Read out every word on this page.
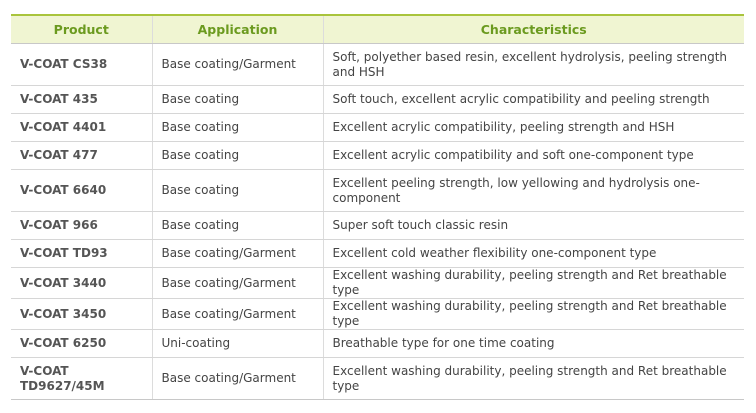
Product	Application	Characteristics
V-COAT CS38	Base coating/Garment	Soft, polyether based resin, excellent hydrolysis, peeling strength and HSH
V-COAT 435	Base coating	Soft touch, excellent acrylic compatibility and peeling strength
V-COAT 4401	Base coating	Excellent acrylic compatibility, peeling strength and HSH
V-COAT 477	Base coating	Excellent acrylic compatibility and soft one-component type
V-COAT 6640	Base coating	Excellent peeling strength, low yellowing and hydrolysis one-component
V-COAT 966	Base coating	Super soft touch classic resin
V-COAT TD93	Base coating/Garment	Excellent cold weather flexibility one-component type
V-COAT 3440	Base coating/Garment	Excellent washing durability, peeling strength and Ret breathable type
V-COAT 3450	Base coating/Garment	Excellent washing durability, peeling strength and Ret breathable type
V-COAT 6250	Uni-coating	Breathable type for one time coating
V-COAT TD9627/45M	Base coating/Garment	Excellent washing durability, peeling strength and Ret breathable type
